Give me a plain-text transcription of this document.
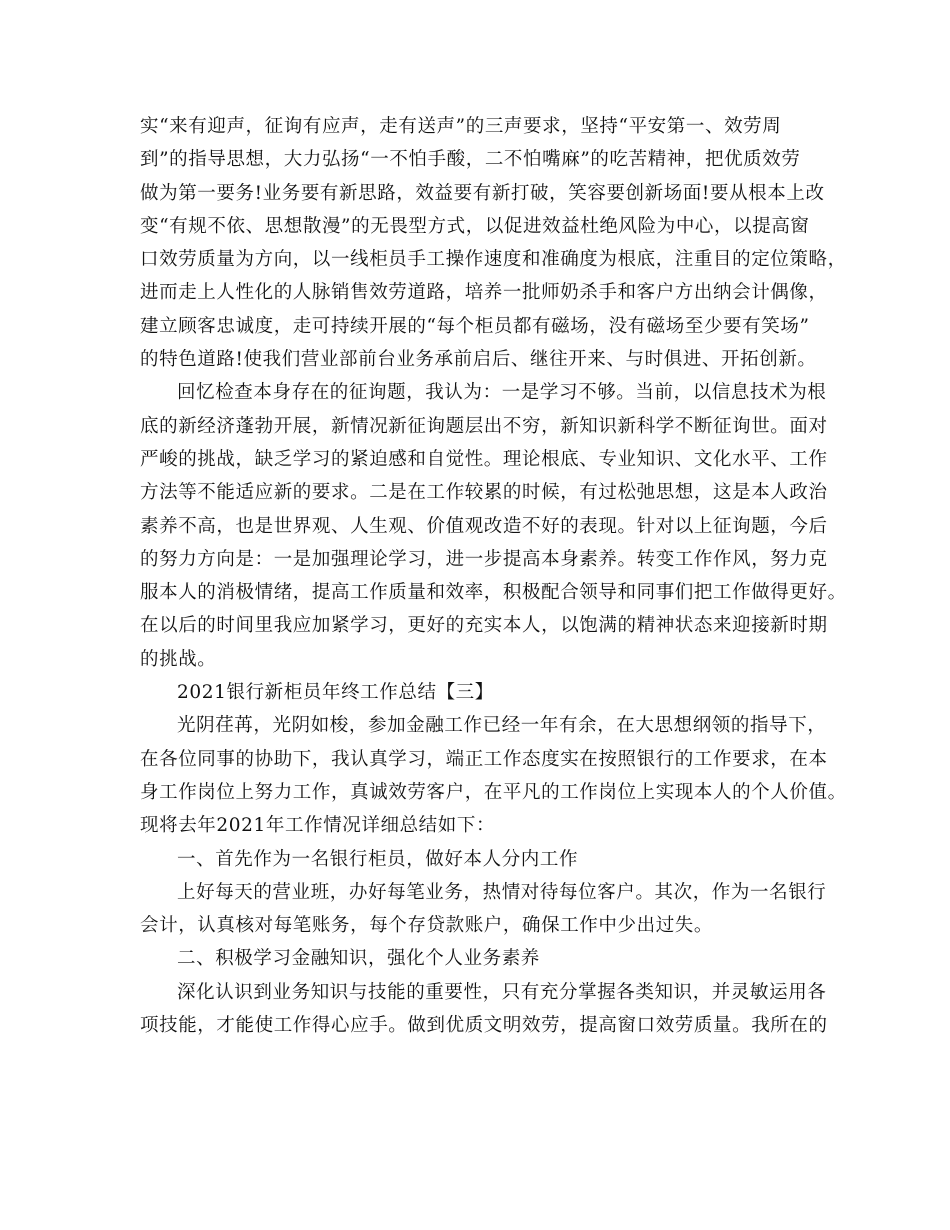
实“来有迎声，征询有应声，走有送声”的三声要求，坚持“平安第一、效劳周
到”的指导思想，大力弘扬“一不怕手酸，二不怕嘴麻”的吃苦精神，把优质效劳
做为第一要务!业务要有新思路，效益要有新打破，笑容要创新场面!要从根本上改
变“有规不依、思想散漫”的无畏型方式，以促进效益杜绝风险为中心，以提高窗
口效劳质量为方向，以一线柜员手工操作速度和准确度为根底，注重目的定位策略，
进而走上人性化的人脉销售效劳道路，培养一批师奶杀手和客户方出纳会计偶像，
建立顾客忠诚度，走可持续开展的“每个柜员都有磁场，没有磁场至少要有笑场”
的特色道路!使我们营业部前台业务承前启后、继往开来、与时俱进、开拓创新。
回忆检查本身存在的征询题，我认为：一是学习不够。当前，以信息技术为根
底的新经济蓬勃开展，新情况新征询题层出不穷，新知识新科学不断征询世。面对
严峻的挑战，缺乏学习的紧迫感和自觉性。理论根底、专业知识、文化水平、工作
方法等不能适应新的要求。二是在工作较累的时候，有过松弛思想，这是本人政治
素养不高，也是世界观、人生观、价值观改造不好的表现。针对以上征询题，今后
的努力方向是：一是加强理论学习，进一步提高本身素养。转变工作作风，努力克
服本人的消极情绪，提高工作质量和效率，积极配合领导和同事们把工作做得更好。
在以后的时间里我应加紧学习，更好的充实本人，以饱满的精神状态来迎接新时期
的挑战。
2021银行新柜员年终工作总结【三】
光阴荏苒，光阴如梭，参加金融工作已经一年有余，在大思想纲领的指导下，
在各位同事的协助下，我认真学习，端正工作态度实在按照银行的工作要求，在本
身工作岗位上努力工作，真诚效劳客户，在平凡的工作岗位上实现本人的个人价值。
现将去年2021年工作情况详细总结如下：
一、首先作为一名银行柜员，做好本人分内工作
上好每天的营业班，办好每笔业务，热情对待每位客户。其次，作为一名银行
会计，认真核对每笔账务，每个存贷款账户，确保工作中少出过失。
二、积极学习金融知识，强化个人业务素养
深化认识到业务知识与技能的重要性，只有充分掌握各类知识，并灵敏运用各
项技能，才能使工作得心应手。做到优质文明效劳，提高窗口效劳质量。我所在的
